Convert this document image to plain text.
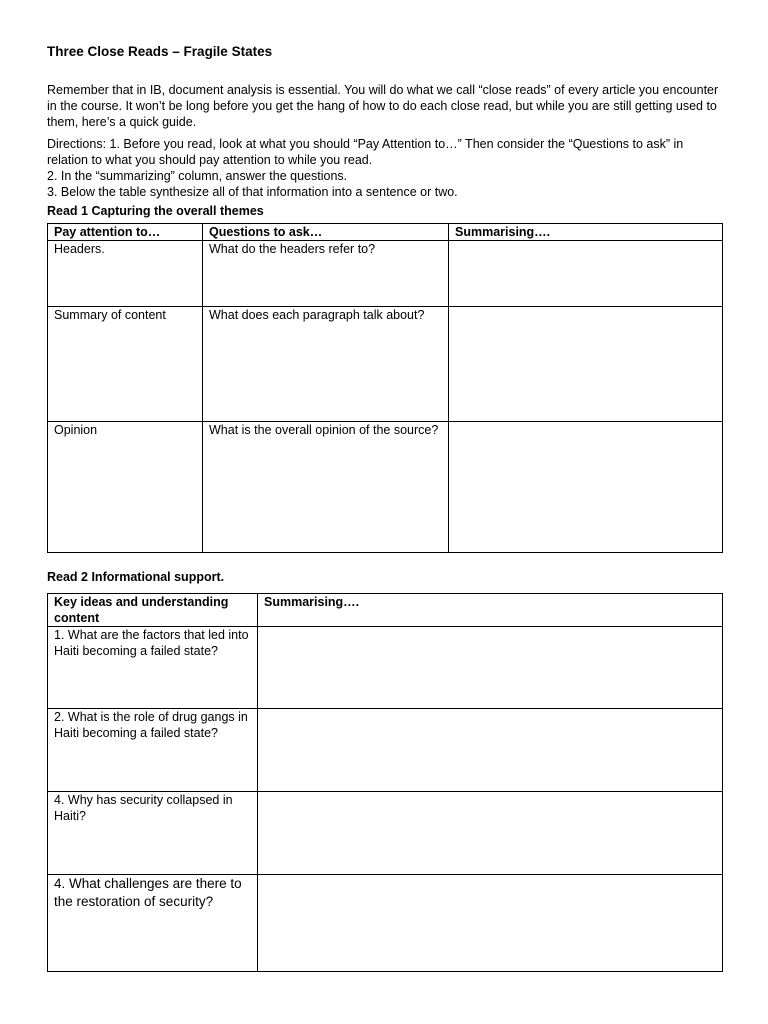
Three Close Reads – Fragile States
Remember that in IB, document analysis is essential. You will do what we call “close reads” of every article you encounter in the course. It won’t be long before you get the hang of how to do each close read, but while you are still getting used to them, here’s a quick guide.
Directions: 1. Before you read, look at what you should “Pay Attention to…” Then consider the “Questions to ask” in relation to what you should pay attention to while you read.
2. In the “summarizing” column, answer the questions.
3. Below the table synthesize all of that information into a sentence or two.
Read 1 Capturing the overall themes
Pay attention to…	Questions to ask…	Summarising….
Headers.	What do the headers refer to?	
Summary of content	What does each paragraph talk about?	
Opinion	What is the overall opinion of the source?	
Read 2 Informational support.
Key ideas and understanding content	Summarising….
1. What are the factors that led into Haiti becoming a failed state?	
2. What is the role of drug gangs in Haiti becoming a failed state?	
4. Why has security collapsed in Haiti?	
4. What challenges are there to the restoration of security?	
